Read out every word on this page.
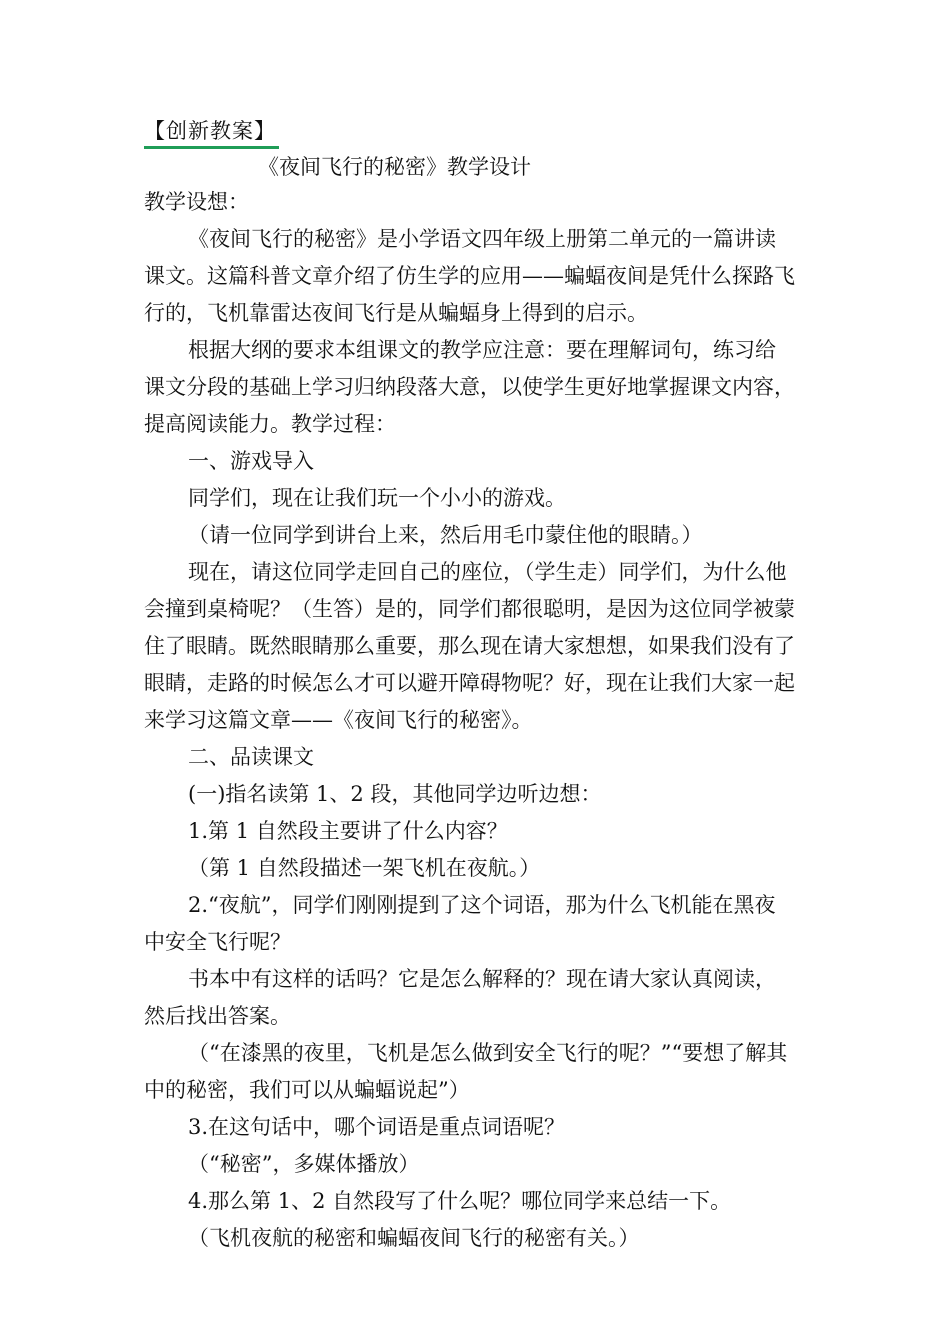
【创新教案】
《夜间飞行的秘密》教学设计

教学设想：

《夜间飞行的秘密》是小学语文四年级上册第二单元的一篇讲读课文。这篇科普文章介绍了仿生学的应用——蝙蝠夜间是凭什么探路飞行的，飞机靠雷达夜间飞行是从蝙蝠身上得到的启示。

根据大纲的要求本组课文的教学应注意：要在理解词句，练习给课文分段的基础上学习归纳段落大意，以使学生更好地掌握课文内容，提高阅读能力。教学过程：

一、游戏导入

同学们，现在让我们玩一个小小的游戏。

（请一位同学到讲台上来，然后用毛巾蒙住他的眼睛。）

现在，请这位同学走回自己的座位，（学生走）同学们，为什么他会撞到桌椅呢？（生答）是的，同学们都很聪明，是因为这位同学被蒙住了眼睛。既然眼睛那么重要，那么现在请大家想想，如果我们没有了眼睛，走路的时候怎么才可以避开障碍物呢？好，现在让我们大家一起来学习这篇文章——《夜间飞行的秘密》。

二、品读课文

(一)指名读第 1、2 段，其他同学边听边想：

1.第 1 自然段主要讲了什么内容？

（第 1 自然段描述一架飞机在夜航。）

2.“夜航”，同学们刚刚提到了这个词语，那为什么飞机能在黑夜中安全飞行呢？

书本中有这样的话吗？它是怎么解释的？现在请大家认真阅读，然后找出答案。

（“在漆黑的夜里，飞机是怎么做到安全飞行的呢？”“要想了解其中的秘密，我们可以从蝙蝠说起”）

3.在这句话中，哪个词语是重点词语呢？

（“秘密”，多媒体播放）

4.那么第 1、2 自然段写了什么呢？哪位同学来总结一下。

（飞机夜航的秘密和蝙蝠夜间飞行的秘密有关。）
